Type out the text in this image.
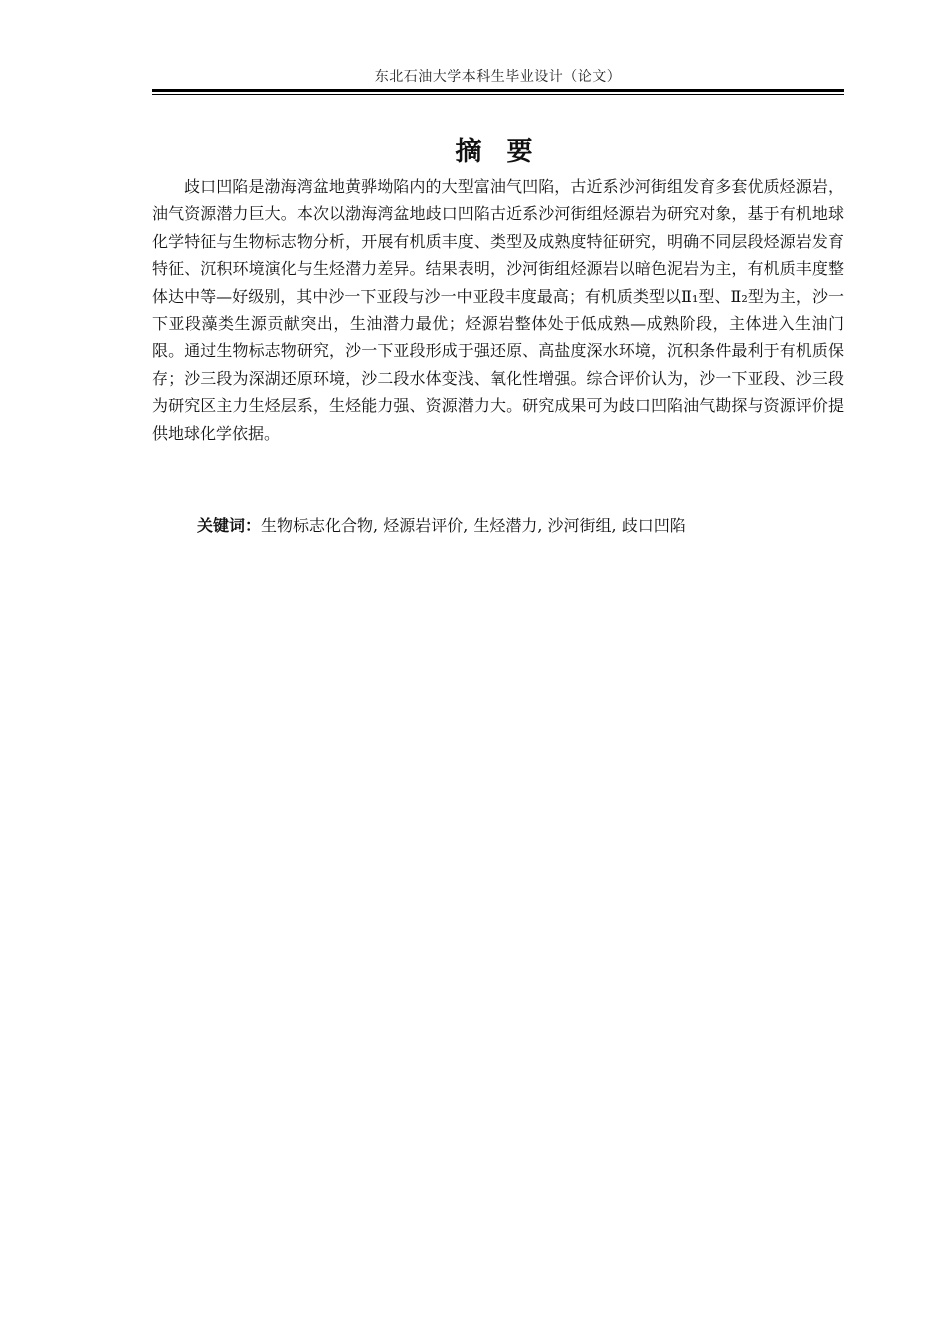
东北石油大学本科生毕业设计（论文）
摘 要

歧口凹陷是渤海湾盆地黄骅坳陷内的大型富油气凹陷，古近系沙河街组发育多套优质烃源岩，油气资源潜力巨大。本次以渤海湾盆地歧口凹陷古近系沙河街组烃源岩为研究对象，基于有机地球化学特征与生物标志物分析，开展有机质丰度、类型及成熟度特征研究，明确不同层段烃源岩发育特征、沉积环境演化与生烃潜力差异。结果表明，沙河街组烃源岩以暗色泥岩为主，有机质丰度整体达中等—好级别，其中沙一下亚段与沙一中亚段丰度最高；有机质类型以Ⅱ₁型、Ⅱ₂型为主，沙一下亚段藻类生源贡献突出，生油潜力最优；烃源岩整体处于低成熟—成熟阶段，主体进入生油门限。通过生物标志物研究，沙一下亚段形成于强还原、高盐度深水环境，沉积条件最利于有机质保存；沙三段为深湖还原环境，沙二段水体变浅、氧化性增强。综合评价认为，沙一下亚段、沙三段为研究区主力生烃层系，生烃能力强、资源潜力大。研究成果可为歧口凹陷油气勘探与资源评价提供地球化学依据。

关键词：生物标志化合物, 烃源岩评价, 生烃潜力, 沙河街组, 歧口凹陷
